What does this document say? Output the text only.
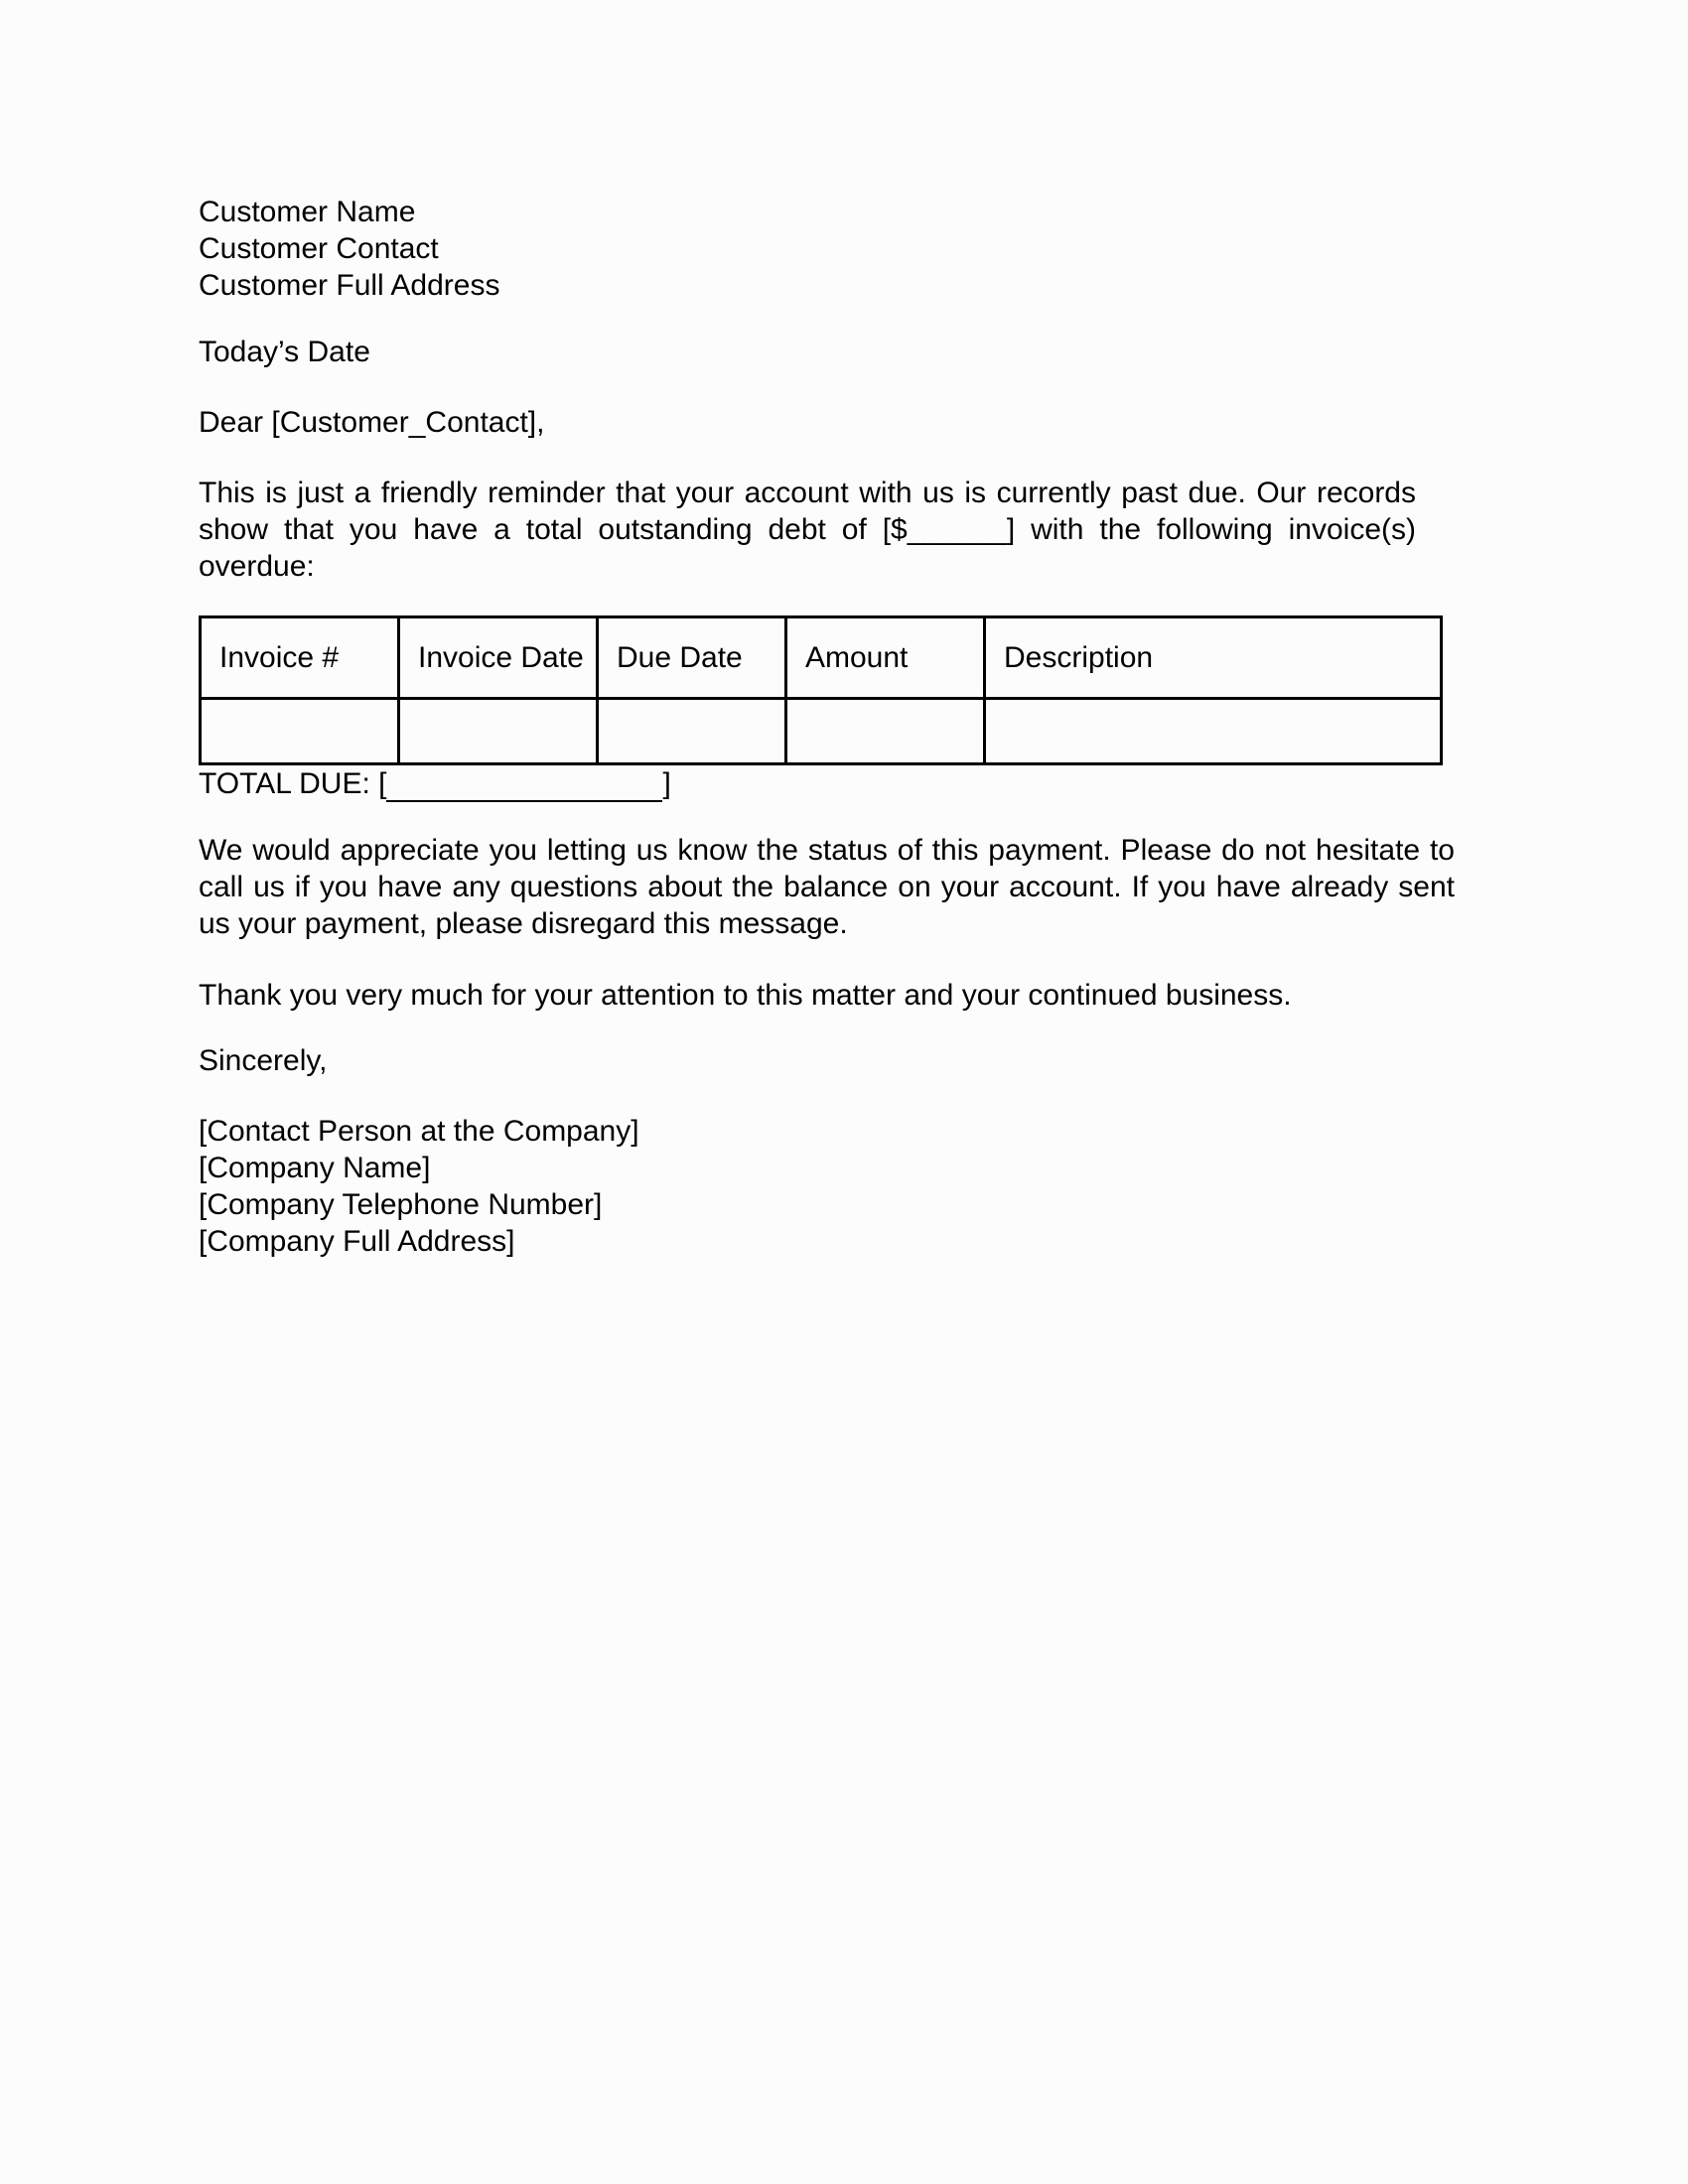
Customer Name
Customer Contact
Customer Full Address
Today’s Date
Dear [Customer_Contact],
This is just a friendly reminder that your account with us is currently past due. Our records show that you have a total outstanding debt of [$______] with the following invoice(s) overdue:
Invoice #	Invoice Date	Due Date	Amount	Description

TOTAL DUE: [	]
We would appreciate you letting us know the status of this payment. Please do not hesitate to call us if you have any questions about the balance on your account. If you have already sent us your payment, please disregard this message.
Thank you very much for your attention to this matter and your continued business.
Sincerely,
[Contact Person at the Company]
[Company Name]
[Company Telephone Number]
[Company Full Address]
